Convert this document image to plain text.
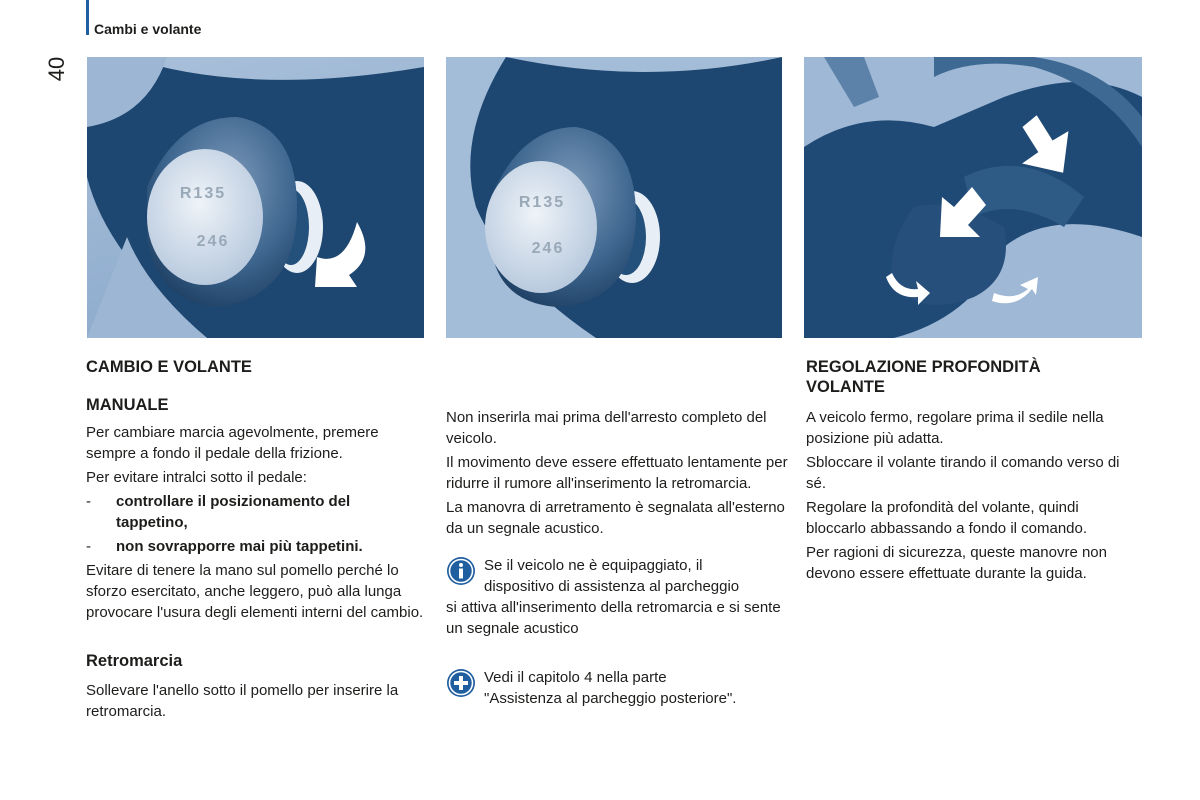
Cambi e volante
40
R135
246
R135
246

CAMBIO E VOLANTE

MANUALE

Per cambiare marcia agevolmente, premere sempre a fondo il pedale della frizione.

Per evitare intralci sotto il pedale:

-	controllare il posizionamento del tappetino,
-	non sovrapporre mai più tappetini.

Evitare di tenere la mano sul pomello perché lo sforzo esercitato, anche leggero, può alla lunga provocare l'usura degli elementi interni del cambio.

Retromarcia

Sollevare l'anello sotto il pomello per inserire la retromarcia.

Non inserirla mai prima dell'arresto completo del veicolo.

Il movimento deve essere effettuato lentamente per ridurre il rumore all'inserimento la retromarcia.

La manovra di arretramento è segnalata all'esterno da un segnale acustico.

Se il veicolo ne è equipaggiato, il
dispositivo di assistenza al parcheggio
si attiva all'inserimento della retromarcia e si sente un segnale acustico
Vedi il capitolo 4 nella parte
"Assistenza al parcheggio posteriore".

REGOLAZIONE PROFONDITÀ VOLANTE

A veicolo fermo, regolare prima il sedile nella posizione più adatta.

Sbloccare il volante tirando il comando verso di sé.

Regolare la profondità del volante, quindi bloccarlo abbassando a fondo il comando.

Per ragioni di sicurezza, queste manovre non devono essere effettuate durante la guida.
